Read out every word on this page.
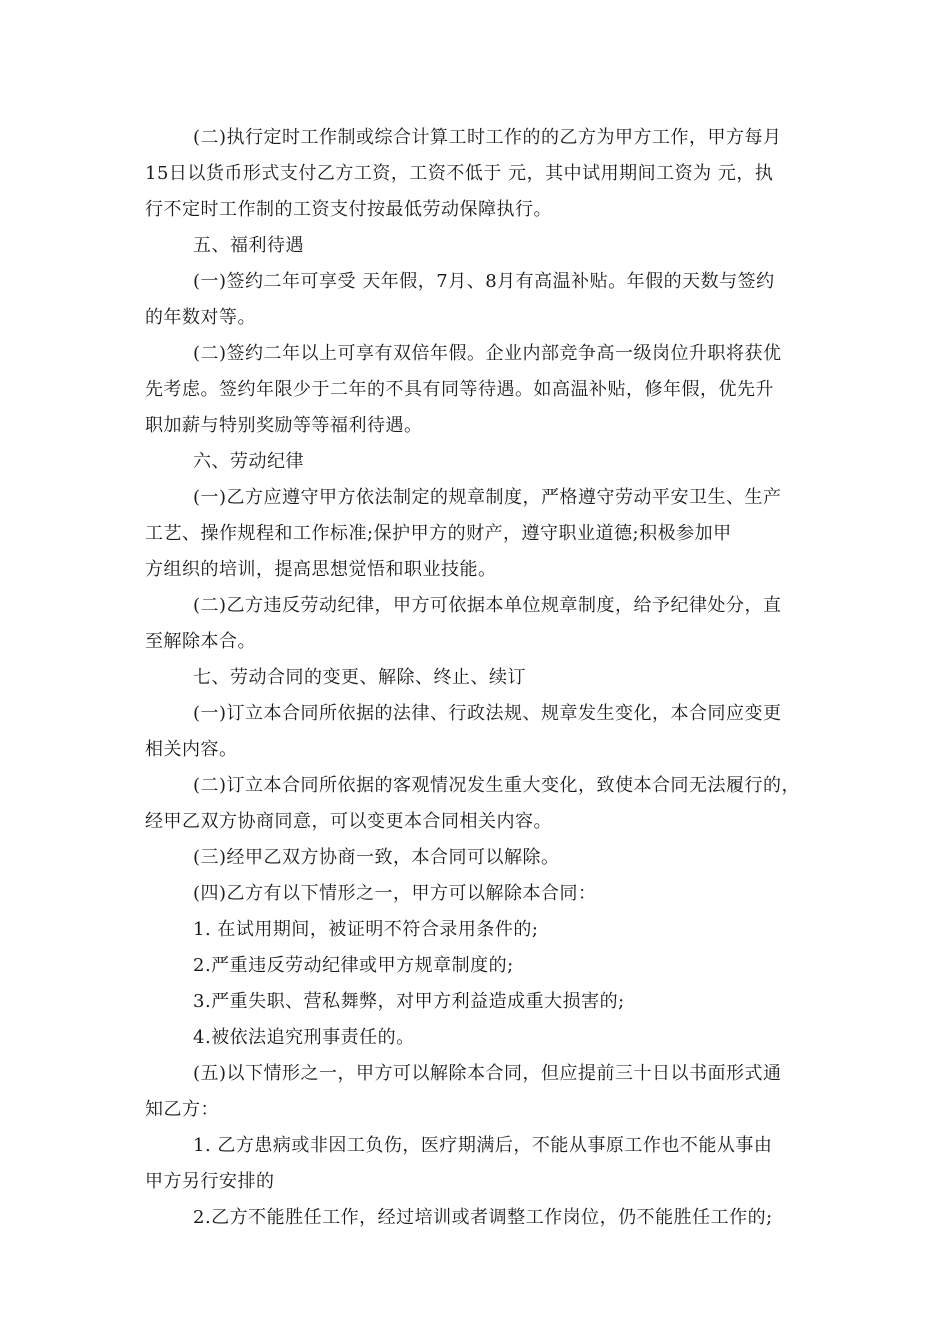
(二)执行定时工作制或综合计算工时工作的的乙方为甲方工作，甲方每月
15日以货币形式支付乙方工资，工资不低于 元，其中试用期间工资为 元，执
行不定时工作制的工资支付按最低劳动保障执行。
五、福利待遇
(一)签约二年可享受 天年假，7月、8月有高温补贴。年假的天数与签约
的年数对等。
(二)签约二年以上可享有双倍年假。企业内部竞争高一级岗位升职将获优
先考虑。签约年限少于二年的不具有同等待遇。如高温补贴，修年假，优先升
职加薪与特别奖励等等福利待遇。
六、劳动纪律
(一)乙方应遵守甲方依法制定的规章制度，严格遵守劳动平安卫生、生产
工艺、操作规程和工作标准;保护甲方的财产，遵守职业道德;积极参加甲
方组织的培训，提高思想觉悟和职业技能。
(二)乙方违反劳动纪律，甲方可依据本单位规章制度，给予纪律处分，直
至解除本合。
七、劳动合同的变更、解除、终止、续订
(一)订立本合同所依据的法律、行政法规、规章发生变化，本合同应变更
相关内容。
(二)订立本合同所依据的客观情况发生重大变化，致使本合同无法履行的，
经甲乙双方协商同意，可以变更本合同相关内容。
(三)经甲乙双方协商一致，本合同可以解除。
(四)乙方有以下情形之一，甲方可以解除本合同：
1. 在试用期间，被证明不符合录用条件的;
2.严重违反劳动纪律或甲方规章制度的;
3.严重失职、营私舞弊，对甲方利益造成重大损害的;
4.被依法追究刑事责任的。
(五)以下情形之一，甲方可以解除本合同，但应提前三十日以书面形式通
知乙方：
1. 乙方患病或非因工负伤，医疗期满后，不能从事原工作也不能从事由
甲方另行安排的
2.乙方不能胜任工作，经过培训或者调整工作岗位，仍不能胜任工作的;
